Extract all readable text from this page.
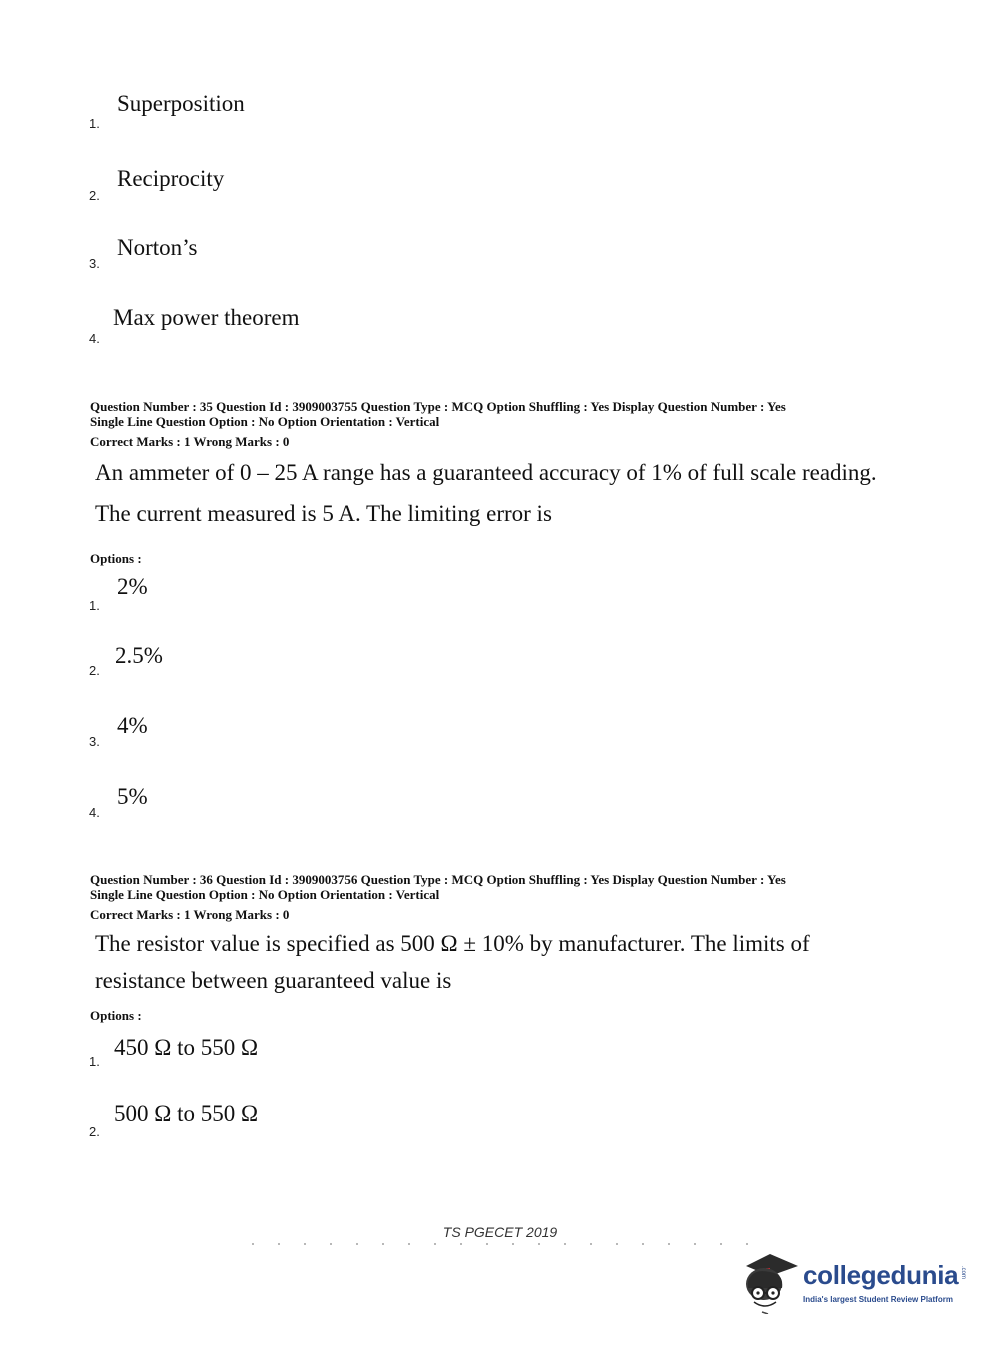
1.
Superposition
2.
Reciprocity
3.
Norton’s
4.
Max power theorem
Question Number : 35 Question Id : 3909003755 Question Type : MCQ Option Shuffling : Yes Display Question Number : Yes
Single Line Question Option : No Option Orientation : Vertical
Correct Marks : 1 Wrong Marks : 0
An ammeter of 0 – 25 A range has a guaranteed accuracy of 1% of full scale reading.
The current measured is 5 A. The limiting error is
Options :
1.
2%
2.
2.5%
3.
4%
4.
5%
Question Number : 36 Question Id : 3909003756 Question Type : MCQ Option Shuffling : Yes Display Question Number : Yes
Single Line Question Option : No Option Orientation : Vertical
Correct Marks : 1 Wrong Marks : 0
The resistor value is specified as 500 Ω ± 10% by manufacturer. The limits of
resistance between guaranteed value is
Options :
1.
450 Ω to 550 Ω
2.
500 Ω to 550 Ω
TS PGECET 2019
collegedunia .com
India's largest Student Review Platform
